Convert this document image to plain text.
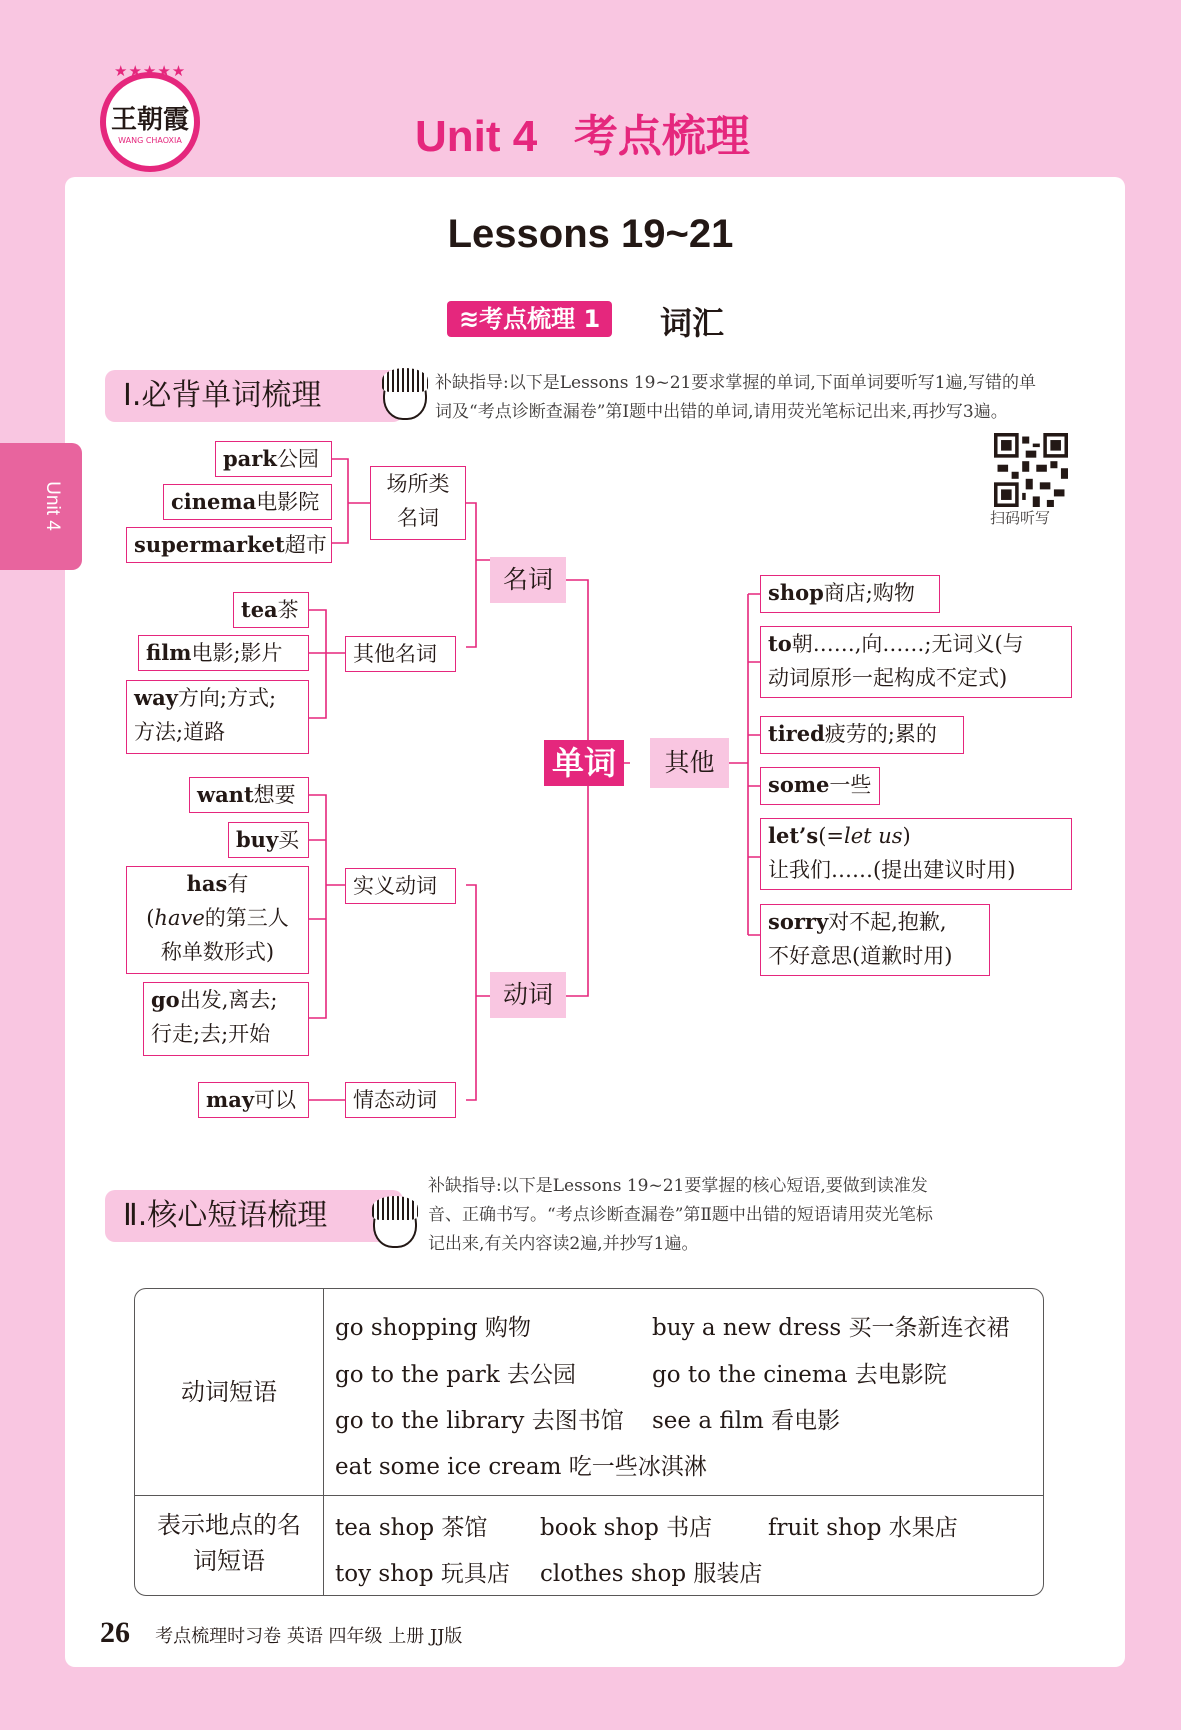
★★★★★
王朝霞
WANG CHAOXIA	Unit 4   考点梳理
Unit 4
Lessons 19~21
≋考点梳理 1	词汇
Ⅰ.必背单词梳理	补缺指导:以下是Lessons 19~21要求掌握的单词,下面单词要听写1遍,写错的单
词及“考点诊断查漏卷”第Ⅰ题中出错的单词,请用荧光笔标记出来,再抄写3遍。
扫码听写
单词
名词
动词
其他
场所类
名词
其他名词
实义动词
情态动词
park公园
cinema电影院
supermarket超市
tea茶
film电影;影片
way方向;方式;
方法;道路
want想要
buy买
has有
(have的第三人
称单数形式)
go出发,离去;
行走;去;开始
may可以
shop商店;购物
to朝……,向……;无词义(与
动词原形一起构成不定式)
tired疲劳的;累的
some一些
let’s(=let us)
让我们……(提出建议时用)
sorry对不起,抱歉,
不好意思(道歉时用)
Ⅱ.核心短语梳理
补缺指导:以下是Lessons 19~21要掌握的核心短语,要做到读准发
音、正确书写。“考点诊断查漏卷”第Ⅱ题中出错的短语请用荧光笔标
记出来,有关内容读2遍,并抄写1遍。
动词短语
go shopping 购物	buy a new dress 买一条新连衣裙
go to the park 去公园	go to the cinema 去电影院
go to the library 去图书馆 see a film 看电影
eat some ice cream 吃一些冰淇淋
表示地点的名
词短语
tea shop 茶馆 book shop 书店 fruit shop 水果店
toy shop 玩具店 clothes shop 服装店
26 考点梳理时习卷 英语 四年级 上册 JJ版
